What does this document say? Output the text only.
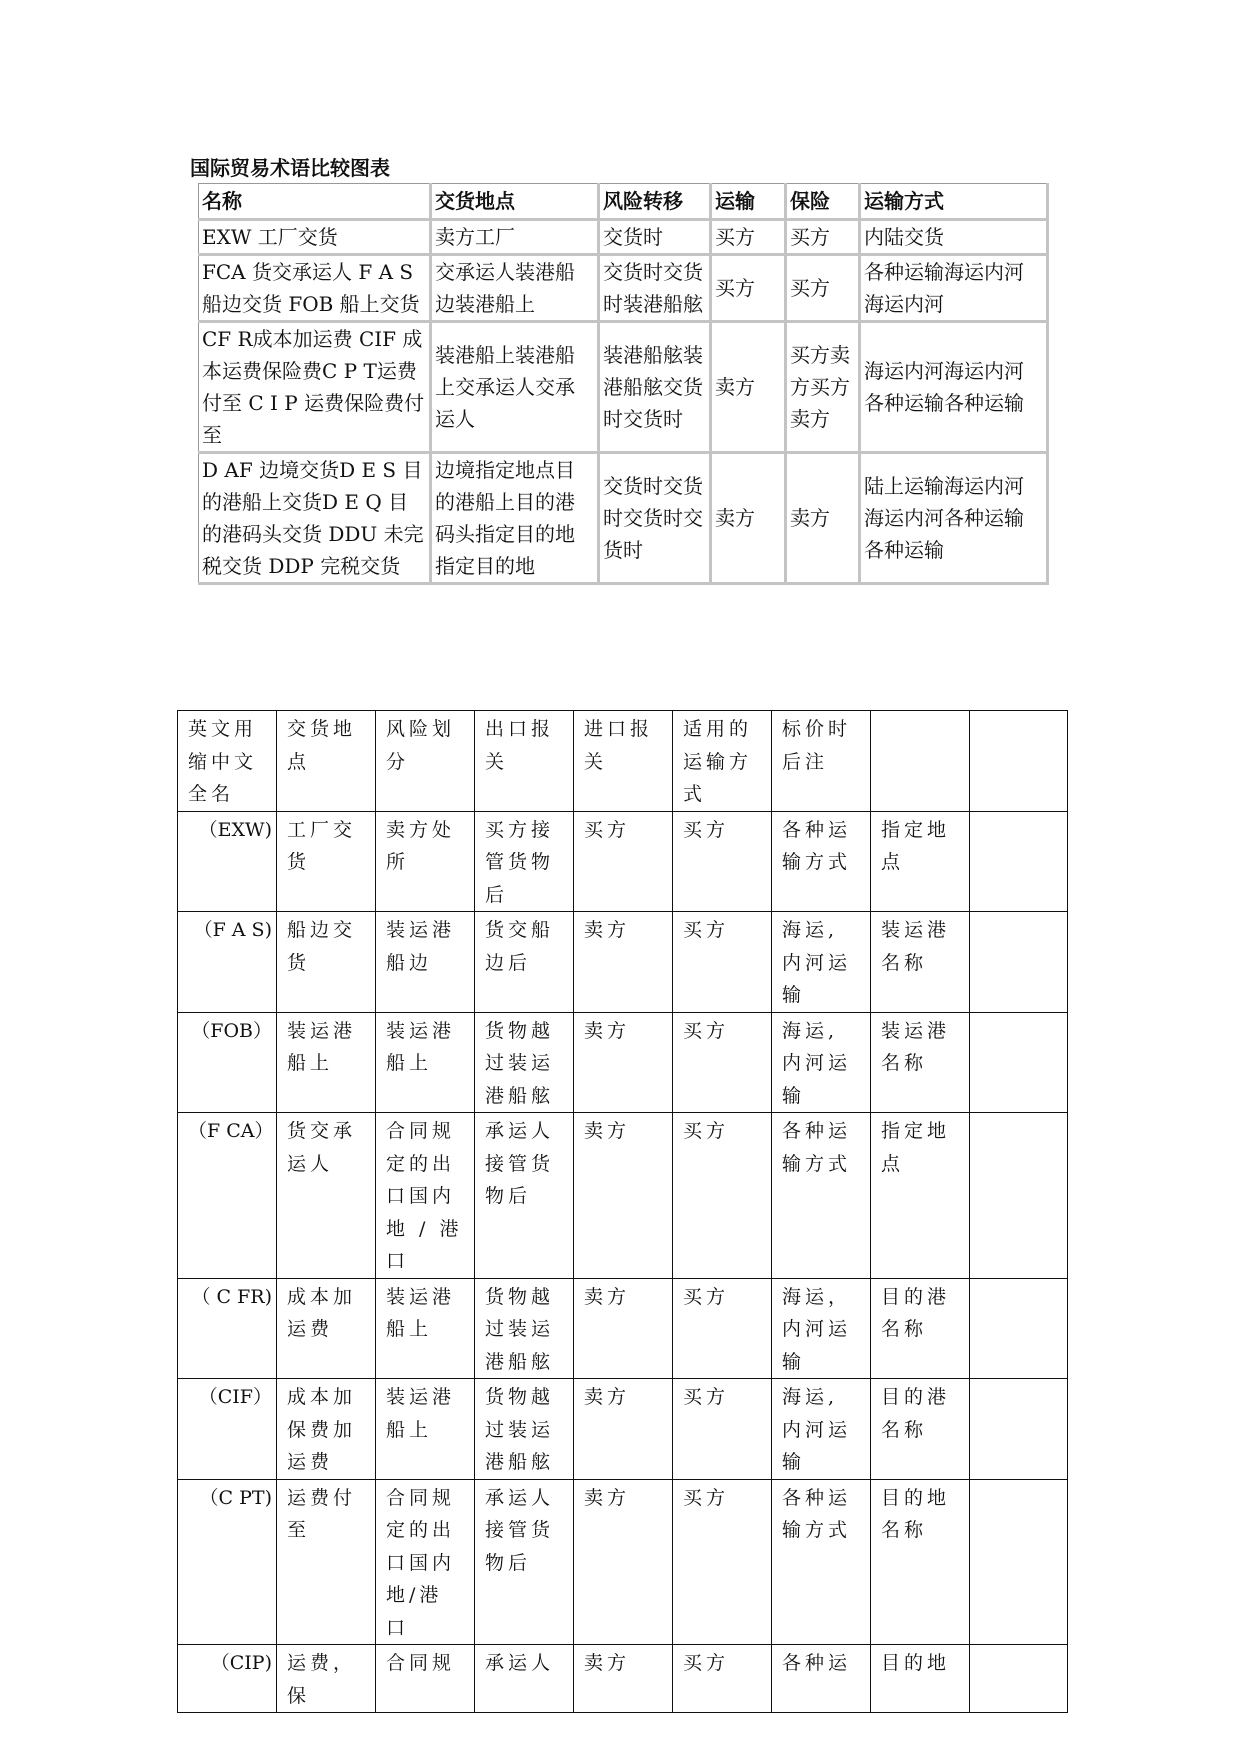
国际贸易术语比较图表
名称	交货地点	风险转移	运输	保险	运输方式
EXW 工厂交货	卖方工厂	交货时	买方	买方	内陆交货
FCA 货交承运人 F A S 船边交货 FOB 船上交货	交承运人装港船边装港船上	交货时交货时装港船舷	买方	买方	各种运输海运内河海运内河
CF R成本加运费 CIF 成本运费保险费C P T运费付至 C I P 运费保险费付至	装港船上装港船上交承运人交承运人	装港船舷装港船舷交货时交货时	卖方	买方卖方买方卖方	海运内河海运内河各种运输各种运输
D AF 边境交货D E S 目的港船上交货D E Q 目的港码头交货 DDU 未完税交货 DDP 完税交货	边境指定地点目的港船上目的港码头指定目的地指定目的地	交货时交货时交货时交货时	卖方	卖方	陆上运输海运内河海运内河各种运输各种运输
英文用缩中文全名	交货地点	风险划分	出口报关	进口报关	适用的运输方式	标价时后注		
（EXW)	工厂交货	卖方处所	买方接管货物后	买方	买方	各种运输方式	指定地点	
（F A S)	船边交货	装运港船边	货交船边后	卖方	买方	海运,内河运输	装运港名称	
（FOB）	装运港船上	装运港船上	货物越过装运港船舷	卖方	买方	海运,内河运输	装运港名称	
（F CA）	货交承运人	合同规定的出口国内地 / 港口	承运人接管货物后	卖方	买方	各种运输方式	指定地点	
（ C FR)	成本加运费	装运港船上	货物越过装运港船舷	卖方	买方	海运，内河运输	目的港名称	
（CIF）	成本加保费加运费	装运港船上	货物越过装运港船舷	卖方	买方	海运,内河运输	目的港名称	
（C PT)	运费付至	合同规定的出口国内地/港口	承运人接管货物后	卖方	买方	各种运输方式	目的地名称	
（CIP)	运费，保	合同规	承运人	卖方	买方	各种运	目的地	
